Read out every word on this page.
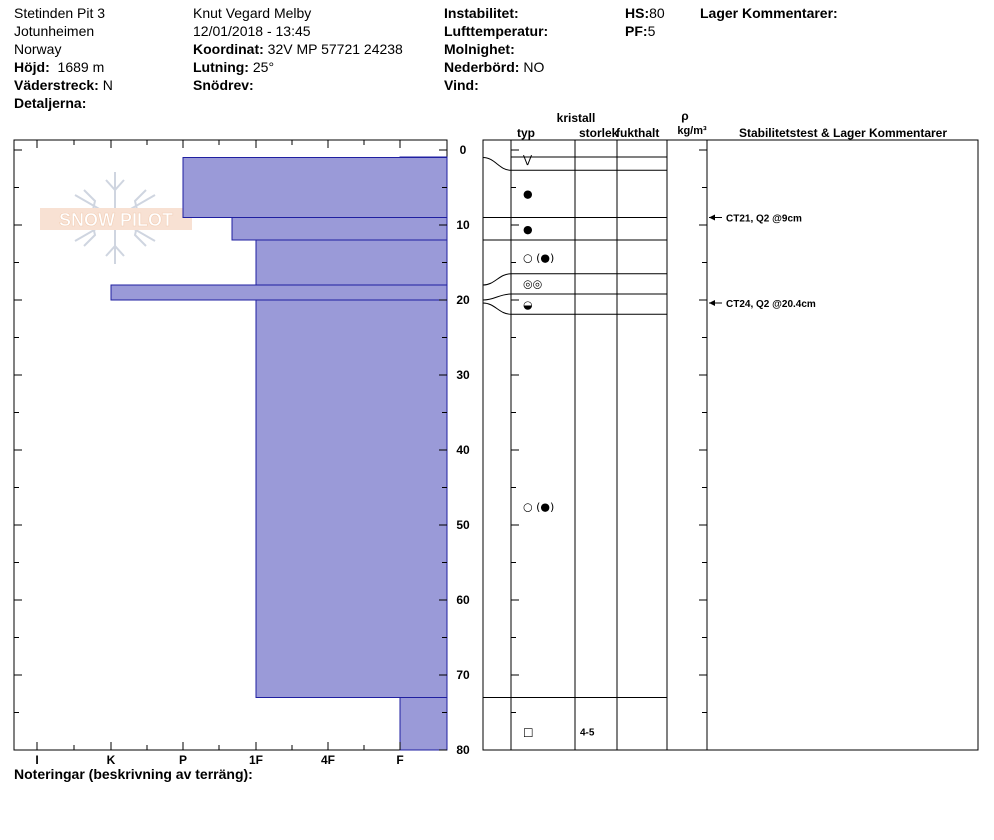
Stetinden Pit 3
Jotunheimen
Norway
Höjd: 1689 m
Väderstreck: N
Detaljerna:
Knut Vegard Melby
12/01/2018 - 13:45
Koordinat: 32V MP 57721 24238
Lutning: 25°
Snödrev:
Instabilitet:
Lufttemperatur:
Molnighet:
Nederbörd: NO
Vind:
HS:80
PF:5
Lager Kommentarer:
SNOW PILOT
I	K	P	1F	4F	F
0
10
20
30
40
50
60
70
80
⋁
●
●
○ (●)
◎◎
◒
○ (●)
□	4-5
CT21, Q2 @9cm
CT24, Q2 @20.4cm
kristall
typ	storlek
fukthalt
ρ
kg/m³	Stabilitetstest & Lager Kommentarer
Noteringar (beskrivning av terräng):
